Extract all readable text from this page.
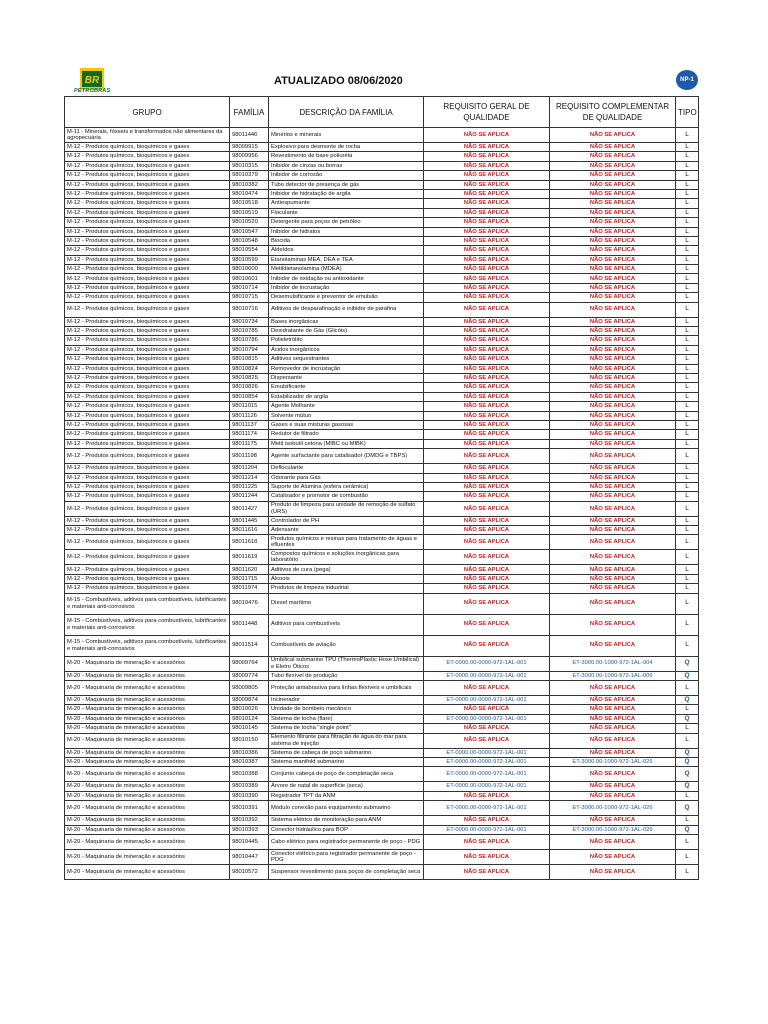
BR
PETROBRAS
ATUALIZADO 08/06/2020	NP-1
GRUPO	FAMÍLIA	DESCRIÇÃO DA FAMÍLIA	REQUISITO GERAL DE QUALIDADE	REQUISITO COMPLEMENTAR DE QUALIDADE	TIPO
M-11 - Minerais, fósseis e transformados não alimentares da agropecuária	98011446	Minérios e minerais	NÃO SE APLICA	NÃO SE APLICA	L
M-12 - Produtos químicos, bioquímicos e gases	98009915	Explosivo para desmonte de rocha	NÃO SE APLICA	NÃO SE APLICA	L
M-12 - Produtos químicos, bioquímicos e gases	98009956	Revestimento de base poliuréia	NÃO SE APLICA	NÃO SE APLICA	L
M-12 - Produtos químicos, bioquímicos e gases	98010315	Inibidor de cinzas ou borras	NÃO SE APLICA	NÃO SE APLICA	L
M-12 - Produtos químicos, bioquímicos e gases	98010379	Inibidor de corrosão	NÃO SE APLICA	NÃO SE APLICA	L
M-12 - Produtos químicos, bioquímicos e gases	98010382	Tubo detector de presença de gás	NÃO SE APLICA	NÃO SE APLICA	L
M-12 - Produtos químicos, bioquímicos e gases	98010474	Inibidor de hidratação de argila	NÃO SE APLICA	NÃO SE APLICA	L
M-12 - Produtos químicos, bioquímicos e gases	98010518	Antiespumante	NÃO SE APLICA	NÃO SE APLICA	L
M-12 - Produtos químicos, bioquímicos e gases	98010519	Floculante	NÃO SE APLICA	NÃO SE APLICA	L
M-12 - Produtos químicos, bioquímicos e gases	98010520	Detergente para poços de petróleo	NÃO SE APLICA	NÃO SE APLICA	L
M-12 - Produtos químicos, bioquímicos e gases	98010547	Inibidor de hidratos	NÃO SE APLICA	NÃO SE APLICA	L
M-12 - Produtos químicos, bioquímicos e gases	98010548	Biocida	NÃO SE APLICA	NÃO SE APLICA	L
M-12 - Produtos químicos, bioquímicos e gases	98010554	Aldeídos	NÃO SE APLICA	NÃO SE APLICA	L
M-12 - Produtos químicos, bioquímicos e gases	98010599	Etanolaminas MEA, DEA e TEA	NÃO SE APLICA	NÃO SE APLICA	L
M-12 - Produtos químicos, bioquímicos e gases	98010600	Metildietanolamina (MDEA)	NÃO SE APLICA	NÃO SE APLICA	L
M-12 - Produtos químicos, bioquímicos e gases	98010601	Inibidor de oxidação ou antioxidante	NÃO SE APLICA	NÃO SE APLICA	L
M-12 - Produtos químicos, bioquímicos e gases	98010714	Inibidor de incrustação	NÃO SE APLICA	NÃO SE APLICA	L
M-12 - Produtos químicos, bioquímicos e gases	98010715	Desemulsificante e preventor de emulsão	NÃO SE APLICA	NÃO SE APLICA	L
M-12 - Produtos químicos, bioquímicos e gases	98010716	Aditivos de desparafinação e inibidor de parafina	NÃO SE APLICA	NÃO SE APLICA	L
M-12 - Produtos químicos, bioquímicos e gases	98010734	Bases inorgânicas	NÃO SE APLICA	NÃO SE APLICA	L
M-12 - Produtos químicos, bioquímicos e gases	98010785	Desidratante de Gás (Glicóis)	NÃO SE APLICA	NÃO SE APLICA	L
M-12 - Produtos químicos, bioquímicos e gases	98010786	Polieletrólito	NÃO SE APLICA	NÃO SE APLICA	L
M-12 - Produtos químicos, bioquímicos e gases	98010794	Ácidos inorgânicos	NÃO SE APLICA	NÃO SE APLICA	L
M-12 - Produtos químicos, bioquímicos e gases	98010815	Aditivos sequestrantes	NÃO SE APLICA	NÃO SE APLICA	L
M-12 - Produtos químicos, bioquímicos e gases	98010824	Removedor de incrustação	NÃO SE APLICA	NÃO SE APLICA	L
M-12 - Produtos químicos, bioquímicos e gases	98010825	Dispersante	NÃO SE APLICA	NÃO SE APLICA	L
M-12 - Produtos químicos, bioquímicos e gases	98010826	Emulsificante	NÃO SE APLICA	NÃO SE APLICA	L
M-12 - Produtos químicos, bioquímicos e gases	98010854	Estabilizador de argila	NÃO SE APLICA	NÃO SE APLICA	L
M-12 - Produtos químicos, bioquímicos e gases	98011015	Agente Molhante	NÃO SE APLICA	NÃO SE APLICA	L
M-12 - Produtos químicos, bioquímicos e gases	98011126	Solvente mútuo	NÃO SE APLICA	NÃO SE APLICA	L
M-12 - Produtos químicos, bioquímicos e gases	98011137	Gases e suas misturas gasosas	NÃO SE APLICA	NÃO SE APLICA	L
M-12 - Produtos químicos, bioquímicos e gases	98011174	Redutor de filtrado	NÃO SE APLICA	NÃO SE APLICA	L
M-12 - Produtos químicos, bioquímicos e gases	98011175	Metil isobutil cetona (MIBC ou MIBK)	NÃO SE APLICA	NÃO SE APLICA	L
M-12 - Produtos químicos, bioquímicos e gases	98011198	Agente surfactante para catalisador (DMDG e TBPS)	NÃO SE APLICA	NÃO SE APLICA	L
M-12 - Produtos químicos, bioquímicos e gases	98011204	Defloculante	NÃO SE APLICA	NÃO SE APLICA	L
M-12 - Produtos químicos, bioquímicos e gases	98011214	Odorante para Gás	NÃO SE APLICA	NÃO SE APLICA	L
M-12 - Produtos químicos, bioquímicos e gases	98011225	Suporte de Alumina (esfera cerâmica)	NÃO SE APLICA	NÃO SE APLICA	L
M-12 - Produtos químicos, bioquímicos e gases	98011244	Catalisador e promotor de combustão	NÃO SE APLICA	NÃO SE APLICA	L
M-12 - Produtos químicos, bioquímicos e gases	98011427	Produto de limpeza para unidade de remoção de sulfato (URS)	NÃO SE APLICA	NÃO SE APLICA	L
M-12 - Produtos químicos, bioquímicos e gases	98011445	Controlador de PH	NÃO SE APLICA	NÃO SE APLICA	L
M-12 - Produtos químicos, bioquímicos e gases	98011616	Adensante	NÃO SE APLICA	NÃO SE APLICA	L
M-12 - Produtos químicos, bioquímicos e gases	98011618	Produtos químicos e resinas para tratamento de águas e efluentes	NÃO SE APLICA	NÃO SE APLICA	L
M-12 - Produtos químicos, bioquímicos e gases	98011619	Compostos químicos e soluções inorgânicas para laboratório	NÃO SE APLICA	NÃO SE APLICA	L
M-12 - Produtos químicos, bioquímicos e gases	98011620	Aditivos de cura (pega)	NÃO SE APLICA	NÃO SE APLICA	L
M-12 - Produtos químicos, bioquímicos e gases	98011715	Álcoois	NÃO SE APLICA	NÃO SE APLICA	L
M-12 - Produtos químicos, bioquímicos e gases	98011974	Produtos de limpeza industrial	NÃO SE APLICA	NÃO SE APLICA	L
M-15 - Combustíveis, aditivos para combustíveis, lubrificantes e materiais anti-corrosivos	98010476	Diesel marítimo	NÃO SE APLICA	NÃO SE APLICA	L
M-15 - Combustíveis, aditivos para combustíveis, lubrificantes e materiais anti-corrosivos	98011448	Aditivos para combustíveis	NÃO SE APLICA	NÃO SE APLICA	L
M-15 - Combustíveis, aditivos para combustíveis, lubrificantes e materiais anti-corrosivos	98011514	Combustíveis de aviação	NÃO SE APLICA	NÃO SE APLICA	L
M-20 - Maquinaria de mineração e acessórios	98009764	Umbilical submarino TPU (ThermoPlastic Hose Umbilical) e Eletro Óticos	ET-0000.00-0000-972-1AL-001	ET-3000.00-1000-972-1AL-004	Q
M-20 - Maquinaria de mineração e acessórios	98009774	Tubo flexível de produção	ET-0000.00-0000-972-1AL-001	ET-3000.00-1000-972-1AL-006	Q
M-20 - Maquinaria de mineração e acessórios	98009805	Proteção antiabrasiva para linhas flexíveis e umbilicais	NÃO SE APLICA	NÃO SE APLICA	L
M-20 - Maquinaria de mineração e acessórios	98009874	Incinerador	ET-0000.00-0000-972-1AL-001	NÃO SE APLICA	Q
M-20 - Maquinaria de mineração e acessórios	98010026	Unidade de bombeio mecânico	NÃO SE APLICA	NÃO SE APLICA	L
M-20 - Maquinaria de mineração e acessórios	98010124	Sistema de tocha (flare)	ET-0000.00-0000-972-1AL-001	NÃO SE APLICA	Q
M-20 - Maquinaria de mineração e acessórios	98010145	Sistema de tocha "single point"	NÃO SE APLICA	NÃO SE APLICA	L
M-20 - Maquinaria de mineração e acessórios	98010150	Elemento filtrante para filtração de água do mar para sistema de injeção	NÃO SE APLICA	NÃO SE APLICA	L
M-20 - Maquinaria de mineração e acessórios	98010386	Sistema de cabeça de poço submarino	ET-0000.00-0000-972-1AL-001	NÃO SE APLICA	Q
M-20 - Maquinaria de mineração e acessórios	98010387	Sistema manifold submarino	ET-0000.00-0000-972-1AL-001	ET-3000.00-1000-972-1AL-026	Q
M-20 - Maquinaria de mineração e acessórios	98010388	Conjunto cabeça de poço de completação seca	ET-0000.00-0000-972-1AL-001	NÃO SE APLICA	Q
M-20 - Maquinaria de mineração e acessórios	98010389	Árvore de natal de superfície (seca)	ET-0000.00-0000-972-1AL-001	NÃO SE APLICA	Q
M-20 - Maquinaria de mineração e acessórios	98010390	Registrador TPT da ANM	NÃO SE APLICA	NÃO SE APLICA	L
M-20 - Maquinaria de mineração e acessórios	98010391	Módulo conexão para equipamento submarino	ET-0000.00-0000-972-1AL-001	ET-3000.00-1000-972-1AL-026	Q
M-20 - Maquinaria de mineração e acessórios	98010392	Sistema elétrico de monitoração para ANM	NÃO SE APLICA	NÃO SE APLICA	L
M-20 - Maquinaria de mineração e acessórios	98010393	Conector hidráulico para BOP	ET-0000.00-0000-972-1AL-001	ET-3000.00-1000-972-1AL-026	Q
M-20 - Maquinaria de mineração e acessórios	98010445	Cabo elétrico para registrador permanente de poço - PDG	NÃO SE APLICA	NÃO SE APLICA	L
M-20 - Maquinaria de mineração e acessórios	98010447	Conector elétrico para registrador permanente de poço - PDG	NÃO SE APLICA	NÃO SE APLICA	L
M-20 - Maquinaria de mineração e acessórios	98010572	Suspensor revestimento para poços de completação seca	NÃO SE APLICA	NÃO SE APLICA	L
